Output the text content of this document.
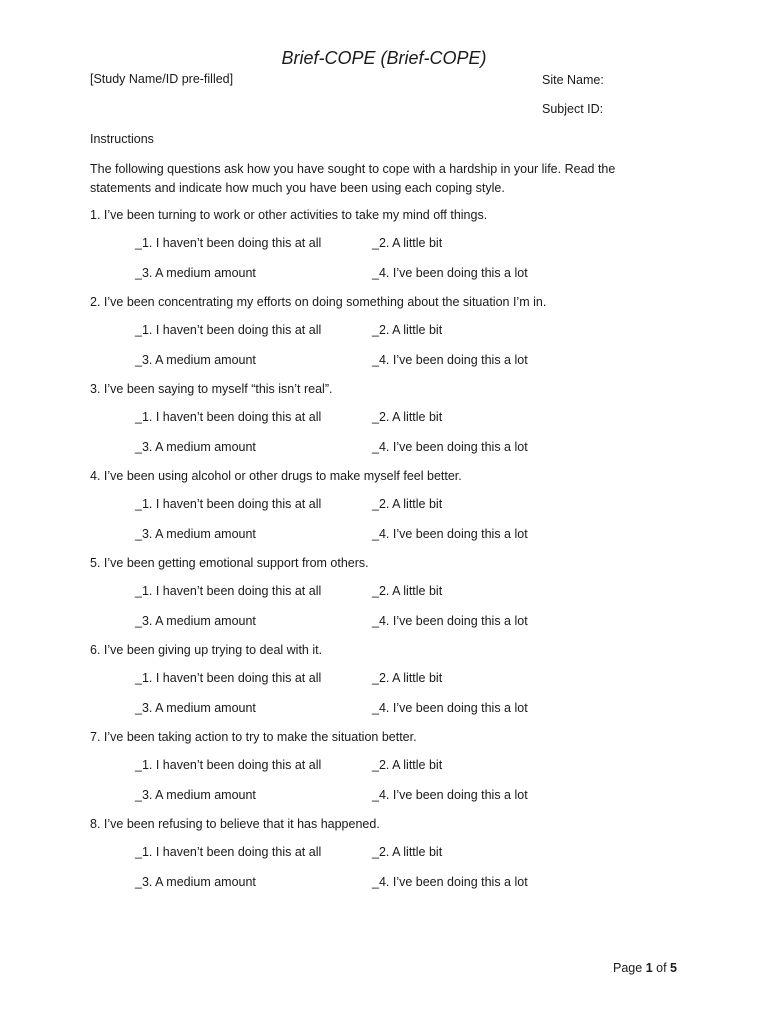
Brief-COPE (Brief-COPE)
[Study Name/ID pre-filled]	Site Name:
Subject ID:
Instructions
The following questions ask how you have sought to cope with a hardship in your life. Read the statements and indicate how much you have been using each coping style.
1. I’ve been turning to work or other activities to take my mind off things.
_1. I haven’t been doing this at all	_2. A little bit
_3. A medium amount	_4. I’ve been doing this a lot
2. I’ve been concentrating my efforts on doing something about the situation I’m in.
_1. I haven’t been doing this at all	_2. A little bit
_3. A medium amount	_4. I’ve been doing this a lot
3. I’ve been saying to myself “this isn’t real”.
_1. I haven’t been doing this at all	_2. A little bit
_3. A medium amount	_4. I’ve been doing this a lot
4. I’ve been using alcohol or other drugs to make myself feel better.
_1. I haven’t been doing this at all	_2. A little bit
_3. A medium amount	_4. I’ve been doing this a lot
5. I’ve been getting emotional support from others.
_1. I haven’t been doing this at all	_2. A little bit
_3. A medium amount	_4. I’ve been doing this a lot
6. I’ve been giving up trying to deal with it.
_1. I haven’t been doing this at all	_2. A little bit
_3. A medium amount	_4. I’ve been doing this a lot
7. I’ve been taking action to try to make the situation better.
_1. I haven’t been doing this at all	_2. A little bit
_3. A medium amount	_4. I’ve been doing this a lot
8. I’ve been refusing to believe that it has happened.
_1. I haven’t been doing this at all	_2. A little bit
_3. A medium amount	_4. I’ve been doing this a lot
Page 1 of 5
